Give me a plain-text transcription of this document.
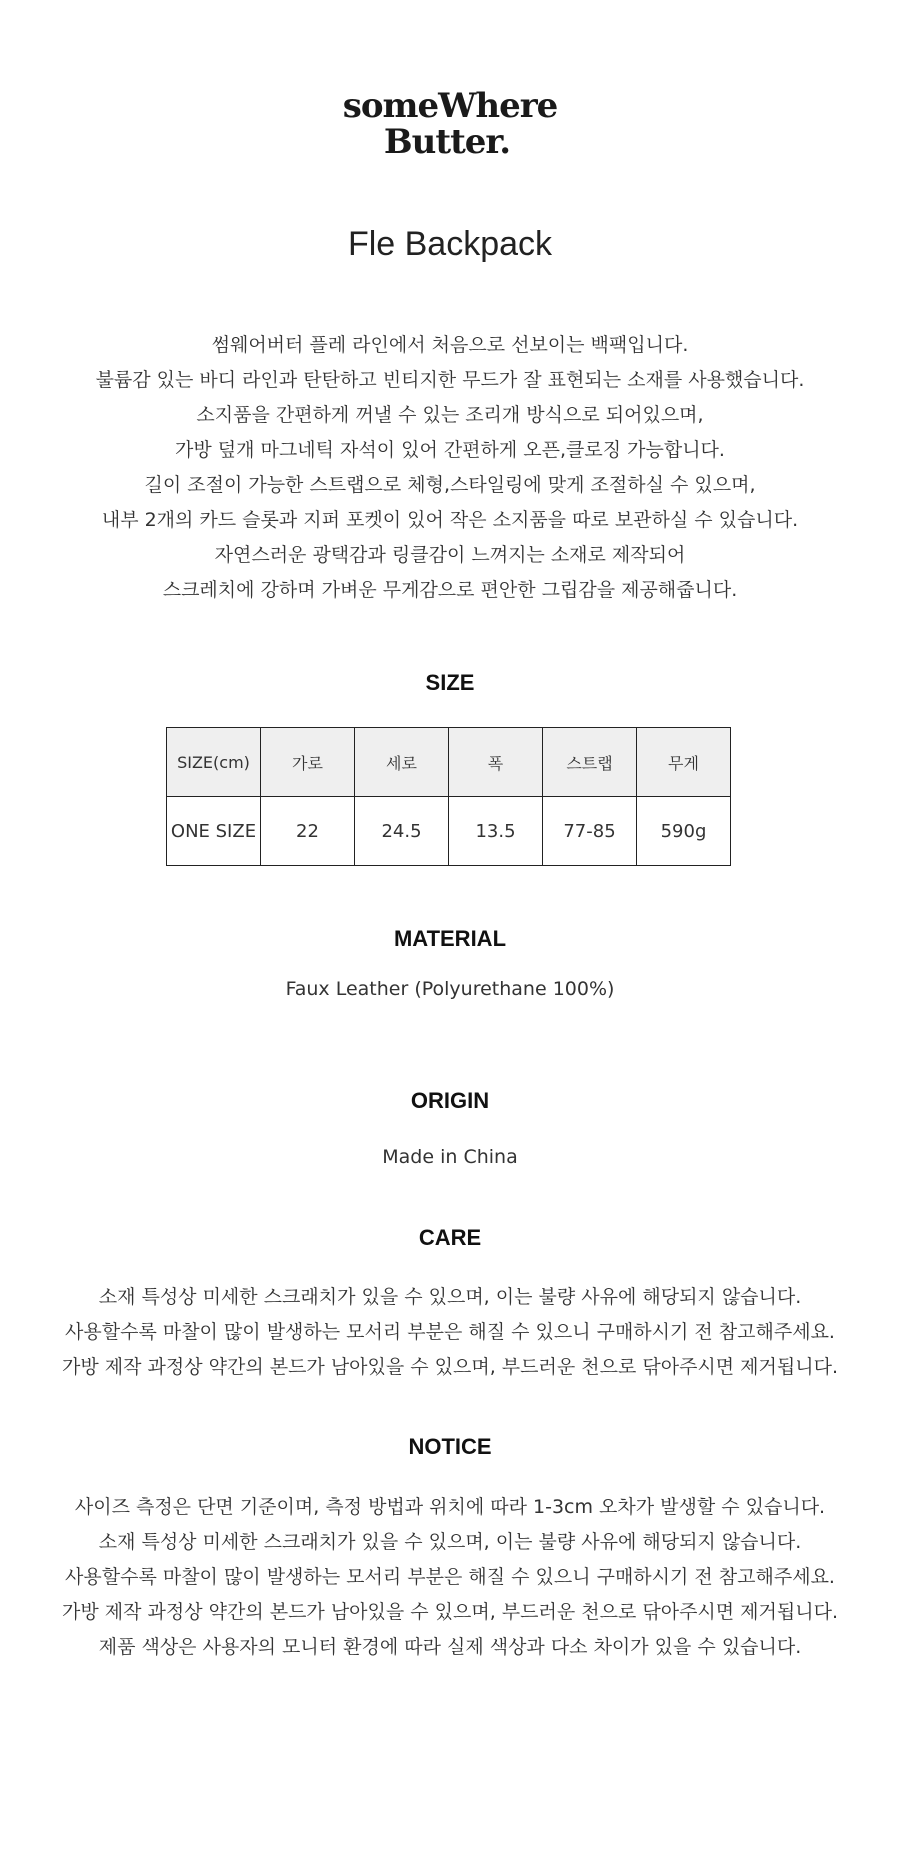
someWhere
Butter.
Fle Backpack
썸웨어버터 플레 라인에서 처음으로 선보이는 백팩입니다.
불륨감 있는 바디 라인과 탄탄하고 빈티지한 무드가 잘 표현되는 소재를 사용했습니다.
소지품을 간편하게 꺼낼 수 있는 조리개 방식으로 되어있으며,
가방 덮개 마그네틱 자석이 있어 간편하게 오픈,클로징 가능합니다.
길이 조절이 가능한 스트랩으로 체형,스타일링에 맞게 조절하실 수 있으며,
내부 2개의 카드 슬롯과 지퍼 포켓이 있어 작은 소지품을 따로 보관하실 수 있습니다.
자연스러운 광택감과 링클감이 느껴지는 소재로 제작되어
스크레치에 강하며 가벼운 무게감으로 편안한 그립감을 제공해줍니다.
SIZE
SIZE(cm)	가로	세로	폭	스트랩	무게
ONE SIZE	22	24.5	13.5	77-85	590g
MATERIAL
Faux Leather (Polyurethane 100%)
ORIGIN
Made in China
CARE
소재 특성상 미세한 스크래치가 있을 수 있으며, 이는 불량 사유에 해당되지 않습니다.
사용할수록 마찰이 많이 발생하는 모서리 부분은 해질 수 있으니 구매하시기 전 참고해주세요.
가방 제작 과정상 약간의 본드가 남아있을 수 있으며, 부드러운 천으로 닦아주시면 제거됩니다.
NOTICE
사이즈 측정은 단면 기준이며, 측정 방법과 위치에 따라 1-3cm 오차가 발생할 수 있습니다.
소재 특성상 미세한 스크래치가 있을 수 있으며, 이는 불량 사유에 해당되지 않습니다.
사용할수록 마찰이 많이 발생하는 모서리 부분은 해질 수 있으니 구매하시기 전 참고해주세요.
가방 제작 과정상 약간의 본드가 남아있을 수 있으며, 부드러운 천으로 닦아주시면 제거됩니다.
제품 색상은 사용자의 모니터 환경에 따라 실제 색상과 다소 차이가 있을 수 있습니다.
